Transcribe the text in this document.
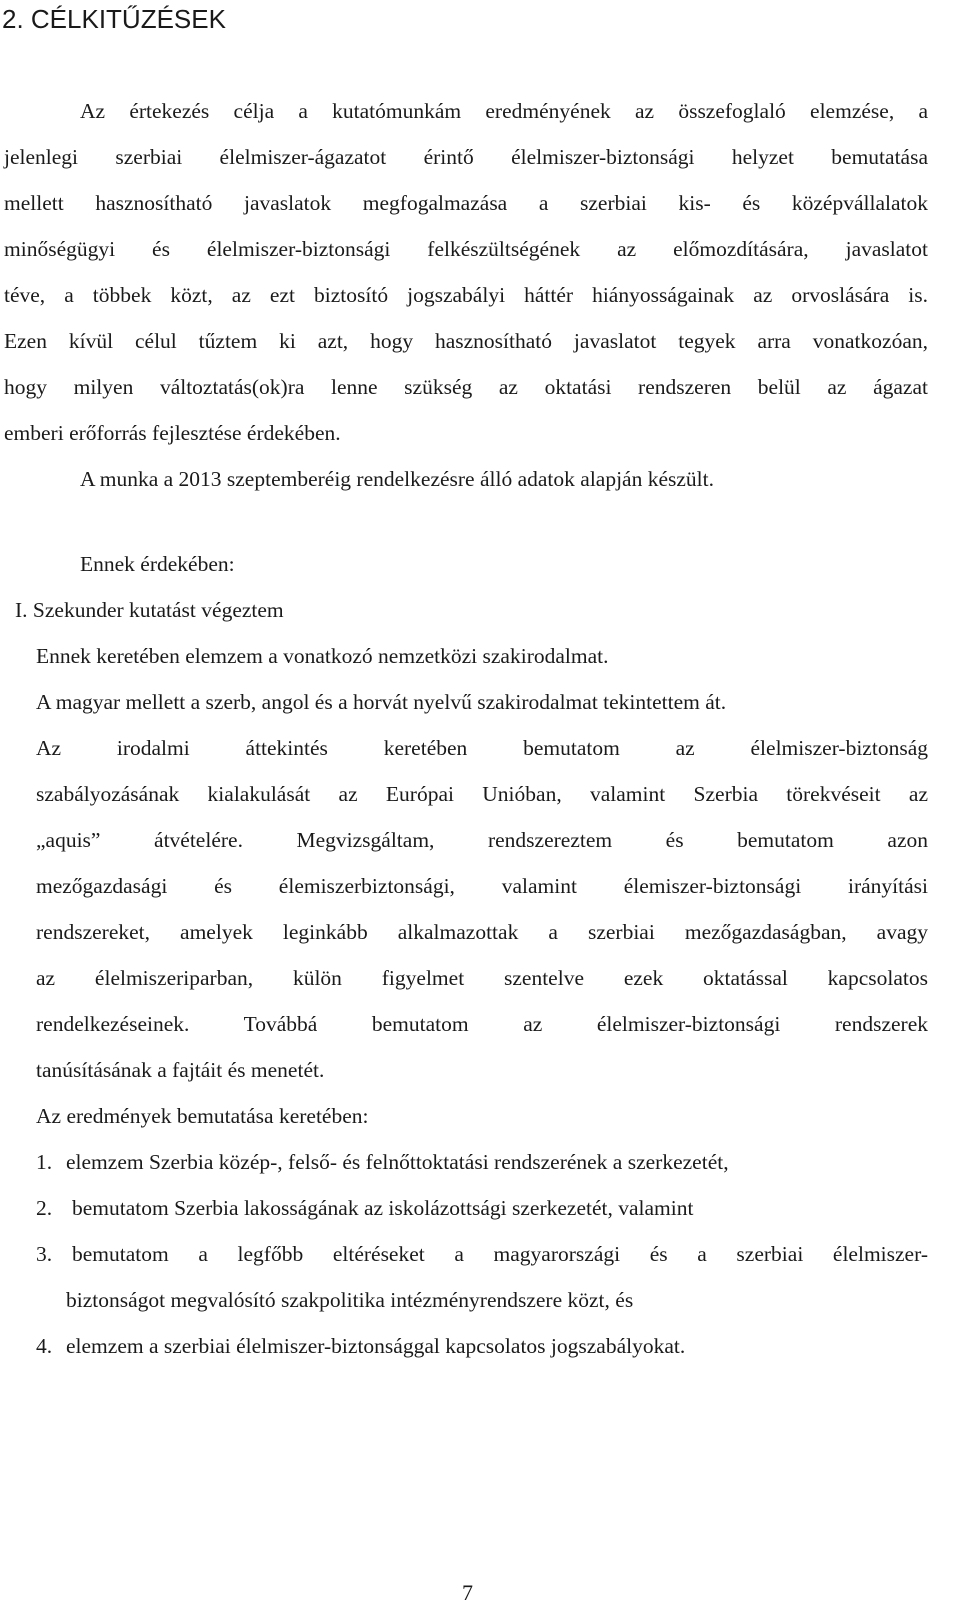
2. CÉLKITŰZÉSEK
Az értekezés célja a kutatómunkám eredményének az összefoglaló elemzése, a
jelenlegi szerbiai élelmiszer-ágazatot érintő élelmiszer-biztonsági helyzet bemutatása
mellett hasznosítható javaslatok megfogalmazása a szerbiai kis- és középvállalatok
minőségügyi és élelmiszer-biztonsági felkészültségének az előmozdítására, javaslatot
téve, a többek közt, az ezt biztosító jogszabályi háttér hiányosságainak az orvoslására is.
Ezen kívül célul tűztem ki azt, hogy hasznosítható javaslatot tegyek arra vonatkozóan,
hogy milyen változtatás(ok)ra lenne szükség az oktatási rendszeren belül az ágazat
emberi erőforrás fejlesztése érdekében.
A munka a 2013 szeptemberéig rendelkezésre álló adatok alapján készült.
Ennek érdekében:
I. Szekunder kutatást végeztem
Ennek keretében elemzem a vonatkozó nemzetközi szakirodalmat.
A magyar mellett a szerb, angol és a horvát nyelvű szakirodalmat tekintettem át.
Az irodalmi áttekintés keretében bemutatom az élelmiszer-biztonság
szabályozásának kialakulását az Európai Unióban, valamint Szerbia törekvéseit az
„aquis” átvételére. Megvizsgáltam, rendszereztem és bemutatom azon
mezőgazdasági és élemiszerbiztonsági, valamint élemiszer-biztonsági irányítási
rendszereket, amelyek leginkább alkalmazottak a szerbiai mezőgazdaságban, avagy
az élelmiszeriparban, külön figyelmet szentelve ezek oktatással kapcsolatos
rendelkezéseinek. Továbbá bemutatom az élelmiszer-biztonsági rendszerek
tanúsításának a fajtáit és menetét.
Az eredmények bemutatása keretében:
1. elemzem Szerbia közép-, felső- és felnőttoktatási rendszerének a szerkezetét,
2. bemutatom Szerbia lakosságának az iskolázottsági szerkezetét, valamint
3. bemutatom a legfőbb eltéréseket a magyarországi és a szerbiai élelmiszer-
biztonságot megvalósító szakpolitika intézményrendszere közt, és
4. elemzem a szerbiai élelmiszer-biztonsággal kapcsolatos jogszabályokat.
7
